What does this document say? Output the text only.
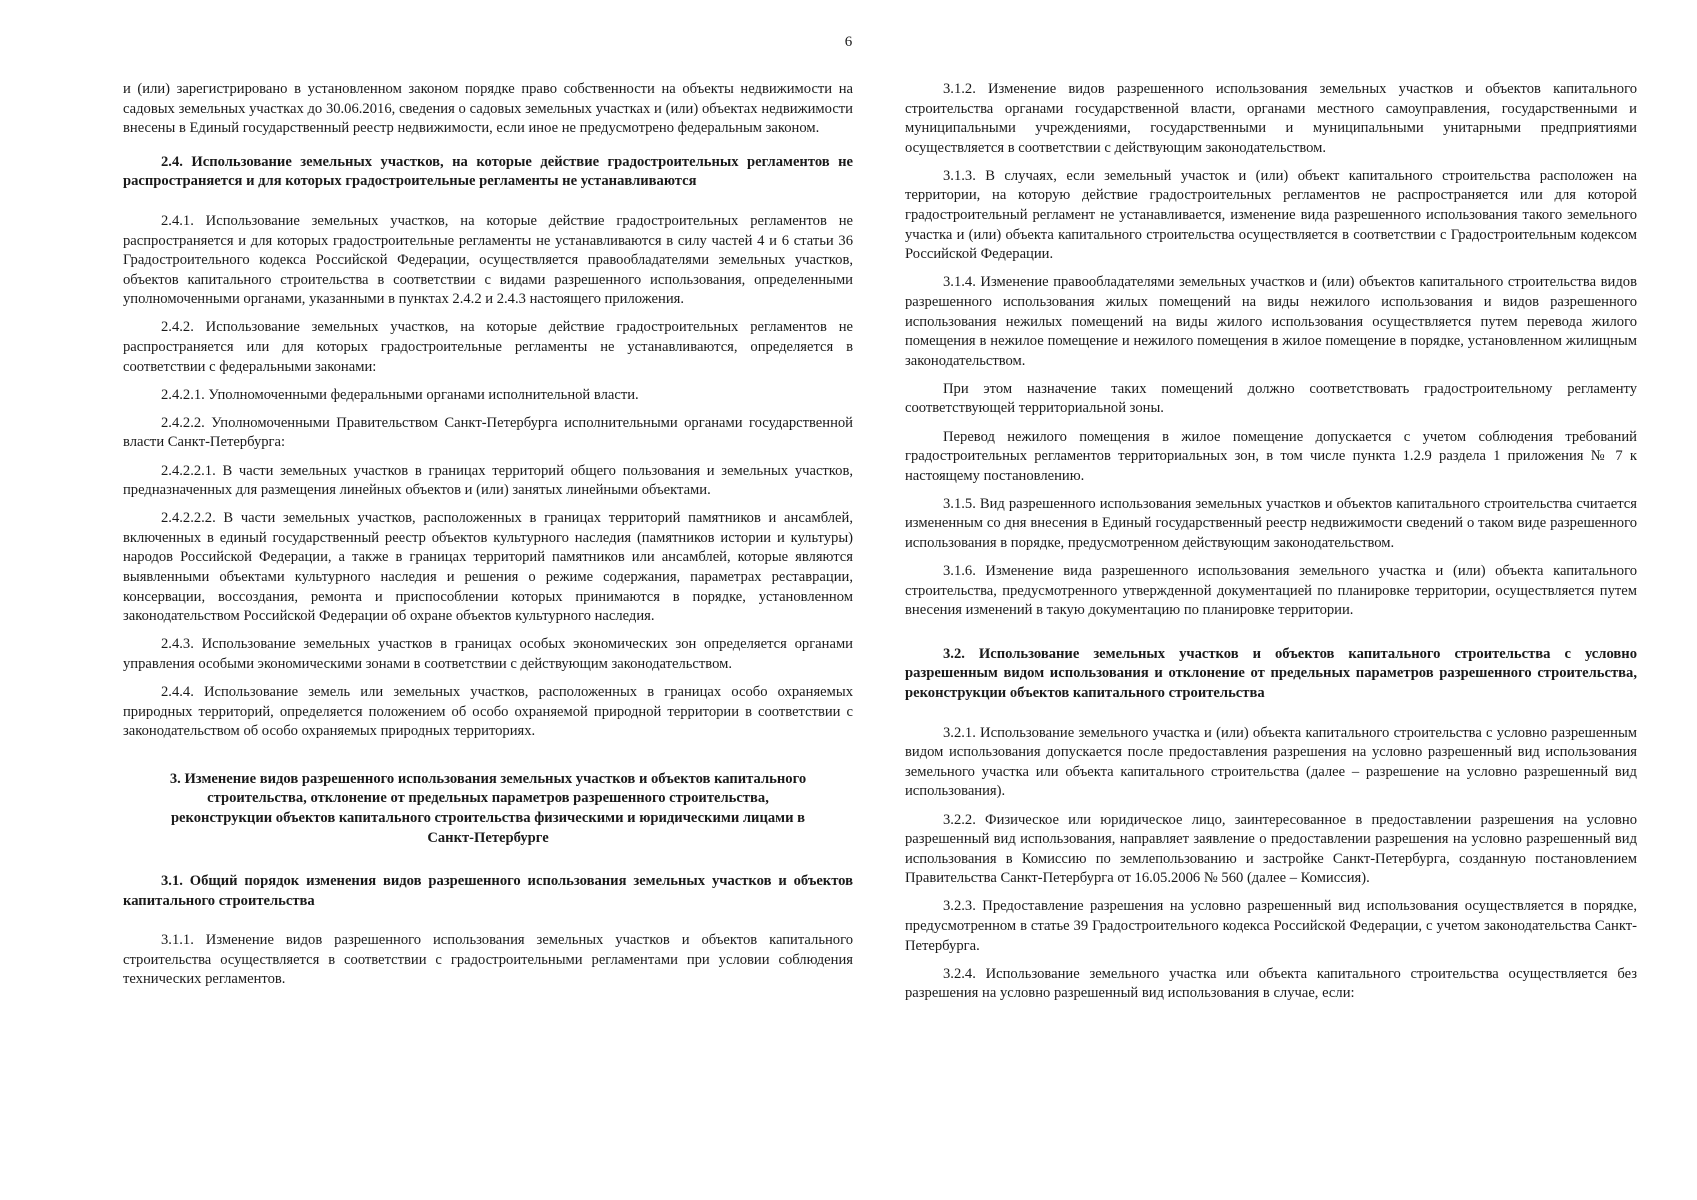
6

и (или) зарегистрировано в установленном законом порядке право собственности на объекты недвижимости на садовых земельных участках до 30.06.2016, сведения о садовых земельных участках и (или) объектах недвижимости внесены в Единый государственный реестр недвижимости, если иное не предусмотрено федеральным законом.

2.4. Использование земельных участков, на которые действие градостроительных регламентов не распространяется и для которых градостроительные регламенты не устанавливаются

2.4.1. Использование земельных участков, на которые действие градостроительных регламентов не распространяется и для которых градостроительные регламенты не устанавливаются в силу частей 4 и 6 статьи 36 Градостроительного кодекса Российской Федерации, осуществляется правообладателями земельных участков, объектов капитального строительства в соответствии с видами разрешенного использования, определенными уполномоченными органами, указанными в пунктах 2.4.2 и 2.4.3 настоящего приложения.

2.4.2. Использование земельных участков, на которые действие градостроительных регламентов не распространяется или для которых градостроительные регламенты не устанавливаются, определяется в соответствии с федеральными законами:

2.4.2.1. Уполномоченными федеральными органами исполнительной власти.

2.4.2.2. Уполномоченными Правительством Санкт-Петербурга исполнительными органами государственной власти Санкт-Петербурга:

2.4.2.2.1. В части земельных участков в границах территорий общего пользования и земельных участков, предназначенных для размещения линейных объектов и (или) занятых линейными объектами.

2.4.2.2.2. В части земельных участков, расположенных в границах территорий памятников и ансамблей, включенных в единый государственный реестр объектов культурного наследия (памятников истории и культуры) народов Российской Федерации, а также в границах территорий памятников или ансамблей, которые являются выявленными объектами культурного наследия и решения о режиме содержания, параметрах реставрации, консервации, воссоздания, ремонта и приспособлении которых принимаются в порядке, установленном законодательством Российской Федерации об охране объектов культурного наследия.

2.4.3. Использование земельных участков в границах особых экономических зон определяется органами управления особыми экономическими зонами в соответствии с действующим законодательством.

2.4.4. Использование земель или земельных участков, расположенных в границах особо охраняемых природных территорий, определяется положением об особо охраняемой природной территории в соответствии с законодательством об особо охраняемых природных территориях.

3. Изменение видов разрешенного использования земельных участков и объектов капитального строительства, отклонение от предельных параметров разрешенного строительства, реконструкции объектов капитального строительства физическими и юридическими лицами в Санкт-Петербурге
3.1. Общий порядок изменения видов разрешенного использования земельных участков и объектов капитального строительства

3.1.1. Изменение видов разрешенного использования земельных участков и объектов капитального строительства осуществляется в соответствии с градостроительными регламентами при условии соблюдения технических регламентов.

3.1.2. Изменение видов разрешенного использования земельных участков и объектов капитального строительства органами государственной власти, органами местного самоуправления, государственными и муниципальными учреждениями, государственными и муниципальными унитарными предприятиями осуществляется в соответствии с действующим законодательством.

3.1.3. В случаях, если земельный участок и (или) объект капитального строительства расположен на территории, на которую действие градостроительных регламентов не распространяется или для которой градостроительный регламент не устанавливается, изменение вида разрешенного использования такого земельного участка и (или) объекта капитального строительства осуществляется в соответствии с Градостроительным кодексом Российской Федерации.

3.1.4. Изменение правообладателями земельных участков и (или) объектов капитального строительства видов разрешенного использования жилых помещений на виды нежилого использования и видов разрешенного использования нежилых помещений на виды жилого использования осуществляется путем перевода жилого помещения в нежилое помещение и нежилого помещения в жилое помещение в порядке, установленном жилищным законодательством.

При этом назначение таких помещений должно соответствовать градостроительному регламенту соответствующей территориальной зоны.

Перевод нежилого помещения в жилое помещение допускается с учетом соблюдения требований градостроительных регламентов территориальных зон, в том числе пункта 1.2.9 раздела 1 приложения № 7 к настоящему постановлению.

3.1.5. Вид разрешенного использования земельных участков и объектов капитального строительства считается измененным со дня внесения в Единый государственный реестр недвижимости сведений о таком виде разрешенного использования в порядке, предусмотренном действующим законодательством.

3.1.6. Изменение вида разрешенного использования земельного участка и (или) объекта капитального строительства, предусмотренного утвержденной документацией по планировке территории, осуществляется путем внесения изменений в такую документацию по планировке территории.

3.2. Использование земельных участков и объектов капитального строительства с условно разрешенным видом использования и отклонение от предельных параметров разрешенного строительства, реконструкции объектов капитального строительства

3.2.1. Использование земельного участка и (или) объекта капитального строительства с условно разрешенным видом использования допускается после предоставления разрешения на условно разрешенный вид использования земельного участка или объекта капитального строительства (далее – разрешение на условно разрешенный вид использования).

3.2.2. Физическое или юридическое лицо, заинтересованное в предоставлении разрешения на условно разрешенный вид использования, направляет заявление о предоставлении разрешения на условно разрешенный вид использования в Комиссию по землепользованию и застройке Санкт-Петербурга, созданную постановлением Правительства Санкт-Петербурга от 16.05.2006 № 560 (далее – Комиссия).

3.2.3. Предоставление разрешения на условно разрешенный вид использования осуществляется в порядке, предусмотренном в статье 39 Градостроительного кодекса Российской Федерации, с учетом законодательства Санкт-Петербурга.

3.2.4. Использование земельного участка или объекта капитального строительства осуществляется без разрешения на условно разрешенный вид использования в случае, если:
